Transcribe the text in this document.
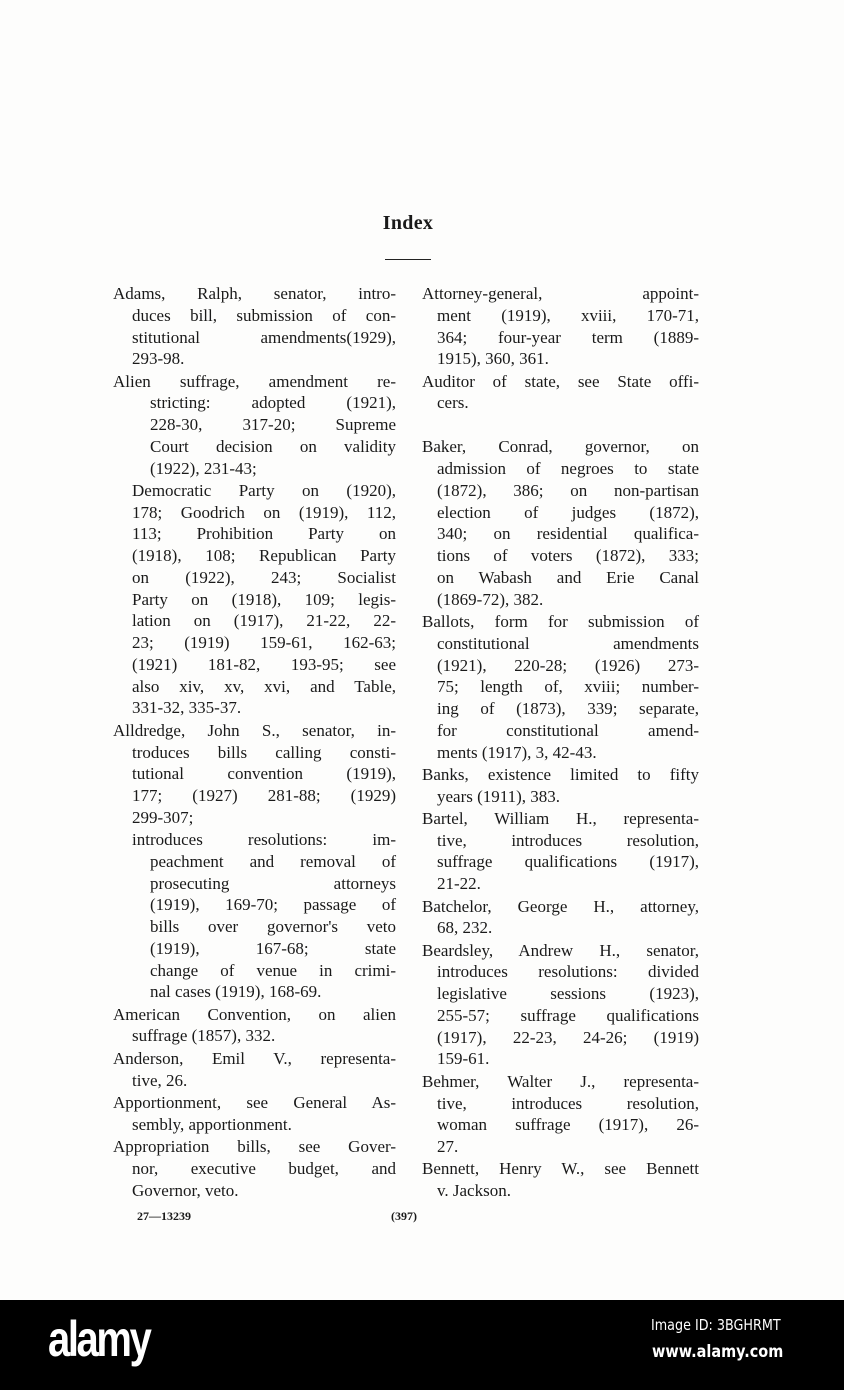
Index
Adams, Ralph, senator, intro-
duces bill, submission of con-
stitutional amendments(1929),
293-98.
Alien suffrage, amendment re-
stricting: adopted (1921),
228-30, 317-20; Supreme
Court decision on validity
(1922), 231-43;
Democratic Party on (1920),
178; Goodrich on (1919), 112,
113; Prohibition Party on
(1918), 108; Republican Party
on (1922), 243; Socialist
Party on (1918), 109; legis-
lation on (1917), 21-22, 22-
23; (1919) 159-61, 162-63;
(1921) 181-82, 193-95; see
also xiv, xv, xvi, and Table,
331-32, 335-37.
Alldredge, John S., senator, in-
troduces bills calling consti-
tutional convention (1919),
177; (1927) 281-88; (1929)
299-307;
introduces resolutions: im-
peachment and removal of
prosecuting attorneys
(1919), 169-70; passage of
bills over governor's veto
(1919), 167-68; state
change of venue in crimi-
nal cases (1919), 168-69.
American Convention, on alien
suffrage (1857), 332.
Anderson, Emil V., representa-
tive, 26.
Apportionment, see General As-
sembly, apportionment.
Appropriation bills, see Gover-
nor, executive budget, and
Governor, veto.
Attorney-general, appoint-
ment (1919), xviii, 170-71,
364; four-year term (1889-
1915), 360, 361.
Auditor of state, see State offi-
cers.
Baker, Conrad, governor, on
admission of negroes to state
(1872), 386; on non-partisan
election of judges (1872),
340; on residential qualifica-
tions of voters (1872), 333;
on Wabash and Erie Canal
(1869-72), 382.
Ballots, form for submission of
constitutional amendments
(1921), 220-28; (1926) 273-
75; length of, xviii; number-
ing of (1873), 339; separate,
for constitutional amend-
ments (1917), 3, 42-43.
Banks, existence limited to fifty
years (1911), 383.
Bartel, William H., representa-
tive, introduces resolution,
suffrage qualifications (1917),
21-22.
Batchelor, George H., attorney,
68, 232.
Beardsley, Andrew H., senator,
introduces resolutions: divided
legislative sessions (1923),
255-57; suffrage qualifications
(1917), 22-23, 24-26; (1919)
159-61.
Behmer, Walter J., representa-
tive, introduces resolution,
woman suffrage (1917), 26-
27.
Bennett, Henry W., see Bennett
v. Jackson.
27—13239	(397)
alamy	Image ID: 3BGHRMT
www.alamy.com
